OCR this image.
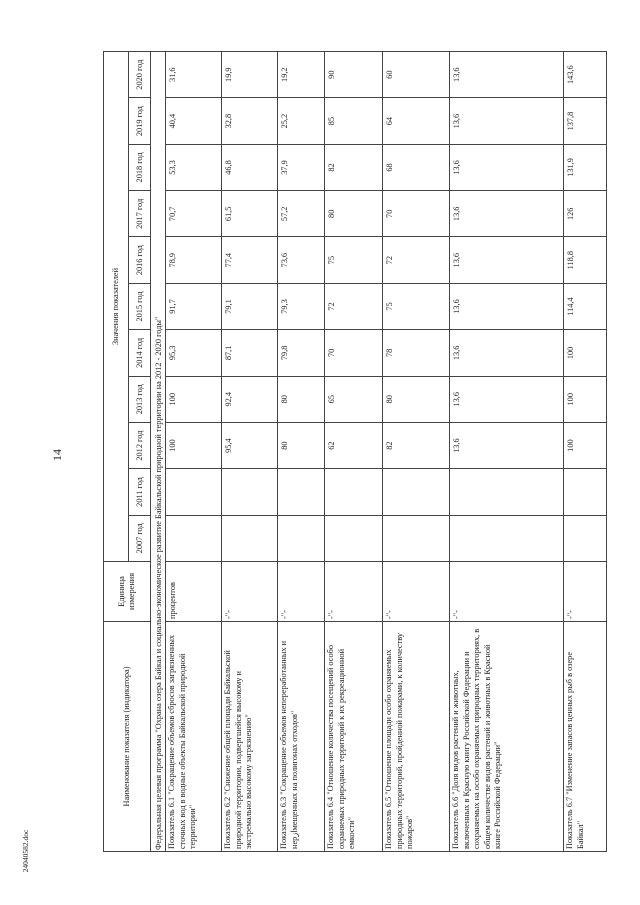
14
24040582.doc
Наименование показателя (индикатора)	Единица измерения	Значения показателей										
		2007 год	2011 год	2012 год	2013 год	2014 год	2015 год	2016 год	2017 год	2018 год	2019 год	2020 год
Федеральная целевая программа "Охрана озера Байкал и социально-экономическое развитие Байкальской природной территории на 2012 - 2020 годы"												
Показатель 6.1 "Сокращение объемов сбросов загрязненных сточных вод в водные объекты Байкальской природной территории"	процентов			100	100	95,3	91,7	78,9	70,7	53,3	40,4	31,6
Показатель 6.2 "Снижение общей площади Байкальской природной территории, подвергшейся высокому и экстремально высокому загрязнению"	-"-			95,4	92,4	87,1	79,1	77,4	61,5	46,8	32,8	19,9
Показатель 6.3 "Сокращение объемов непереработанных и нерازмещенных на полигонах отходов"	-"-			80	80	79,8	79,3	73,6	57,2	37,9	25,2	19,2
Показатель 6.4 "Отношение количества посещений особо охраняемых природных территорий к их рекреационной емкости"	-"-			62	65	70	72	75	80	82	85	90
Показатель 6.5 "Отношение площади особо охраняемых природных территорий, пройденной пожарами, к количеству пожаров"	-"-			82	80	78	75	72	70	68	64	60
Показатель 6.6 "Доля видов растений и животных, включенных в Красную книгу Российской Федерации и сохраняемых на особо охраняемых природных территориях, в общем количестве видов растений и животных в Красной книге Российской Федерации"	-"-			13,6	13,6	13,6	13,6	13,6	13,6	13,6	13,6	13,6
Показатель 6.7 "Изменение запасов ценных рыб в озере Байкал"	-"-			100	100	100	114,4	118,8	126	131,9	137,8	143,6
